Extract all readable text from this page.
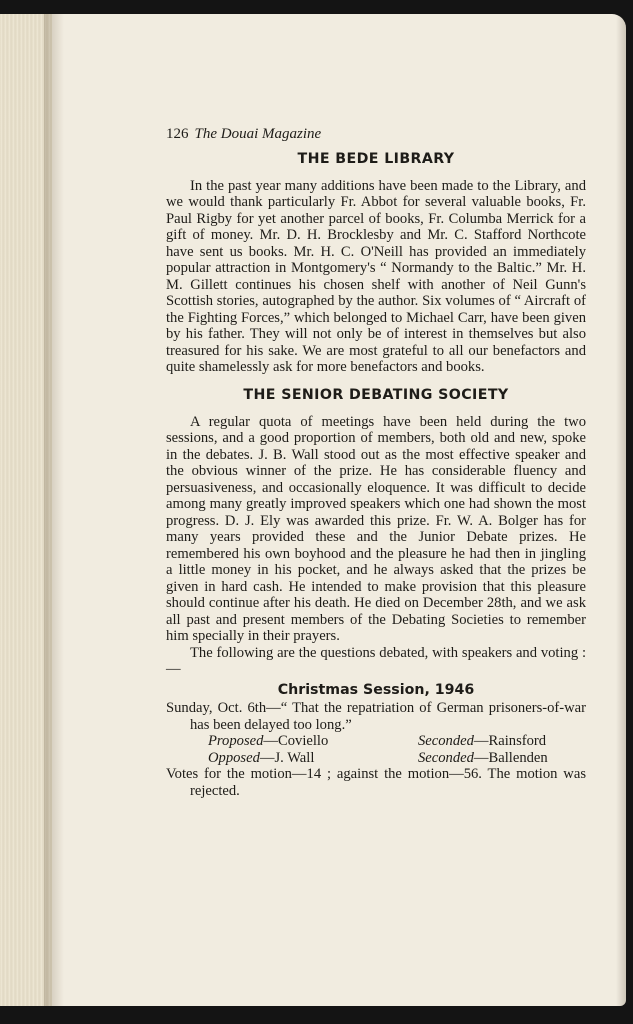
126 The Douai Magazine
THE BEDE LIBRARY

In the past year many additions have been made to the Library, and we would thank particularly Fr. Abbot for several valuable books, Fr. Paul Rigby for yet another parcel of books, Fr. Columba Merrick for a gift of money. Mr. D. H. Brocklesby and Mr. C. Stafford Northcote have sent us books. Mr. H. C. O'Neill has provided an immediately popular attraction in Montgomery's “ Normandy to the Baltic.” Mr. H. M. Gillett continues his chosen shelf with another of Neil Gunn's Scottish stories, autographed by the author. Six volumes of “ Aircraft of the Fighting Forces,” which belonged to Michael Carr, have been given by his father. They will not only be of interest in themselves but also treasured for his sake. We are most grateful to all our benefactors and quite shamelessly ask for more benefactors and books.

THE SENIOR DEBATING SOCIETY

A regular quota of meetings have been held during the two sessions, and a good proportion of members, both old and new, spoke in the debates. J. B. Wall stood out as the most effective speaker and the obvious winner of the prize. He has considerable fluency and persuasiveness, and occasionally eloquence. It was difficult to decide among many greatly improved speakers which one had shown the most progress. D. J. Ely was awarded this prize. Fr. W. A. Bolger has for many years provided these and the Junior Debate prizes. He remembered his own boyhood and the pleasure he had then in jingling a little money in his pocket, and he always asked that the prizes be given in hard cash. He intended to make provision that this pleasure should continue after his death. He died on December 28th, and we ask all past and present members of the Debating Societies to remember him specially in their prayers.

The following are the questions debated, with speakers and voting :—

Christmas Session, 1946
Sunday, Oct. 6th—“ That the repatriation of German prisoners-of-war has been delayed too long.”
Proposed—Coviello	Seconded—Rainsford
Opposed—J. Wall	Seconded—Ballenden
Votes for the motion—14 ; against the motion—56. The motion was rejected.
